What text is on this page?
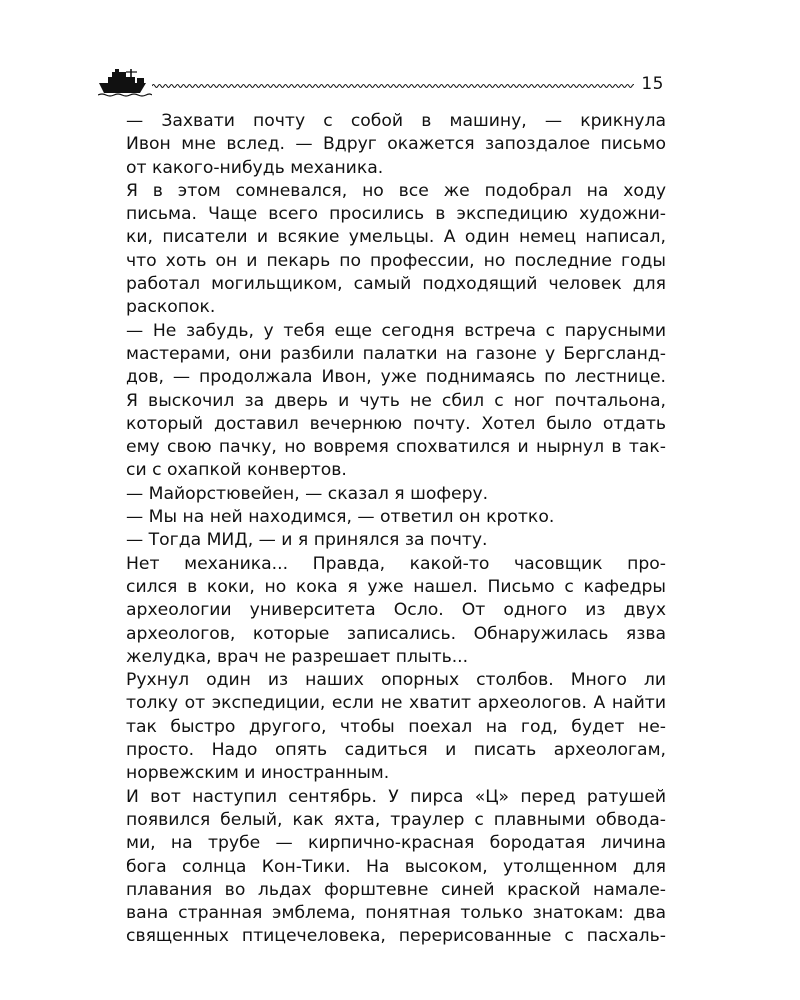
15
— Захвати почту с собой в машину, — крикнула
Ивон мне вслед. — Вдруг окажется запоздалое письмо
от какого-нибудь механика.
Я в этом сомневался, но все же подобрал на ходу
письма. Чаще всего просились в экспедицию художни-
ки, писатели и всякие умельцы. А один немец написал,
что хоть он и пекарь по профессии, но последние годы
работал могильщиком, самый подходящий человек для
раскопок.
— Не забудь, у тебя еще сегодня встреча с парусными
мастерами, они разбили палатки на газоне у Бергсланд-
дов, — продолжала Ивон, уже поднимаясь по лестнице.
Я выскочил за дверь и чуть не сбил с ног почтальона,
который доставил вечернюю почту. Хотел было отдать
ему свою пачку, но вовремя спохватился и нырнул в так-
си с охапкой конвертов.
— Майорстювейен, — сказал я шоферу.
— Мы на ней находимся, — ответил он кротко.
— Тогда МИД, — и я принялся за почту.
Нет механика... Правда, какой-то часовщик про-
сился в коки, но кока я уже нашел. Письмо с кафедры
археологии университета Осло. От одного из двух
археологов, которые записались. Обнаружилась язва
желудка, врач не разрешает плыть...
Рухнул один из наших опорных столбов. Много ли
толку от экспедиции, если не хватит археологов. А найти
так быстро другого, чтобы поехал на год, будет не-
просто. Надо опять садиться и писать археологам,
норвежским и иностранным.
И вот наступил сентябрь. У пирса «Ц» перед ратушей
появился белый, как яхта, траулер с плавными обвода-
ми, на трубе — кирпично-красная бородатая личина
бога солнца Кон-Тики. На высоком, утолщенном для
плавания во льдах форштевне синей краской намале-
вана странная эмблема, понятная только знатокам: два
священных птицечеловека, перерисованные с пасхаль-
